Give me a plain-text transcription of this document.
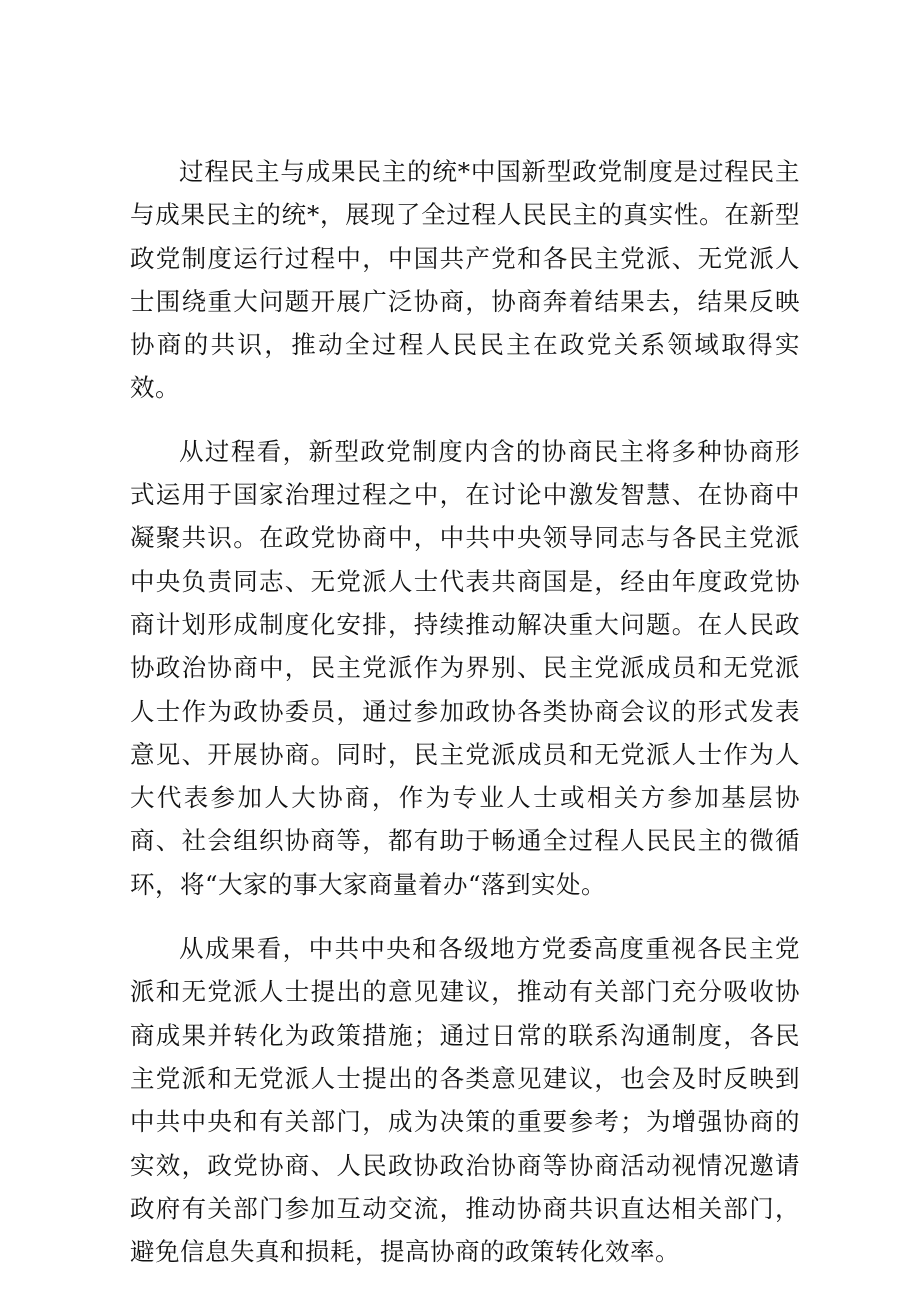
过程民主与成果民主的统*中国新型政党制度是过程民主与成果民主的统*，展现了全过程人民民主的真实性。在新型政党制度运行过程中，中国共产党和各民主党派、无党派人士围绕重大问题开展广泛协商，协商奔着结果去，结果反映协商的共识，推动全过程人民民主在政党关系领域取得实效。

从过程看，新型政党制度内含的协商民主将多种协商形式运用于国家治理过程之中，在讨论中激发智慧、在协商中凝聚共识。在政党协商中，中共中央领导同志与各民主党派中央负责同志、无党派人士代表共商国是，经由年度政党协商计划形成制度化安排，持续推动解决重大问题。在人民政协政治协商中，民主党派作为界别、民主党派成员和无党派人士作为政协委员，通过参加政协各类协商会议的形式发表意见、开展协商。同时，民主党派成员和无党派人士作为人大代表参加人大协商，作为专业人士或相关方参加基层协商、社会组织协商等，都有助于畅通全过程人民民主的微循环，将“大家的事大家商量着办“落到实处。

从成果看，中共中央和各级地方党委高度重视各民主党派和无党派人士提出的意见建议，推动有关部门充分吸收协商成果并转化为政策措施；通过日常的联系沟通制度，各民主党派和无党派人士提出的各类意见建议，也会及时反映到中共中央和有关部门，成为决策的重要参考；为增强协商的实效，政党协商、人民政协政治协商等协商活动视情况邀请政府有关部门参加互动交流，推动协商共识直达相关部门，避免信息失真和损耗，提高协商的政策转化效率。
